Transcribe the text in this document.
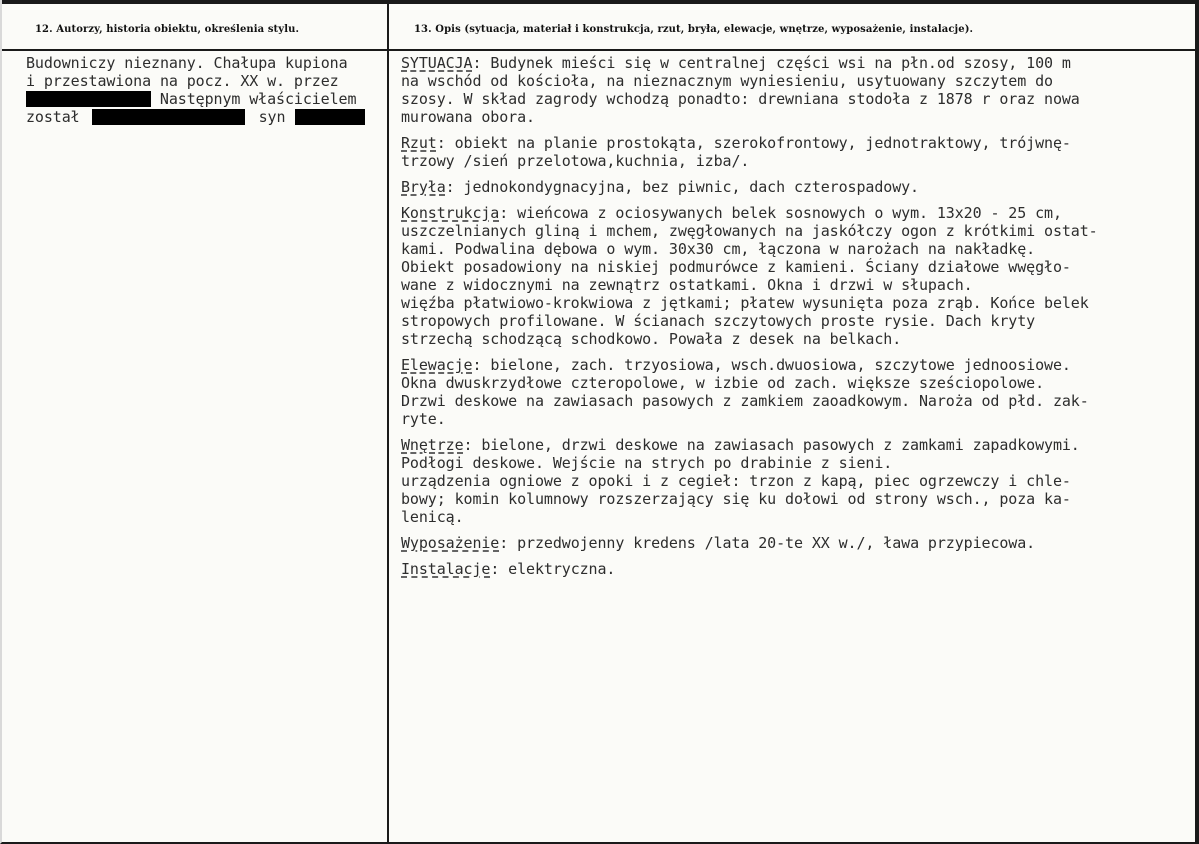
12. Autorzy, historia obiektu, określenia stylu.	13. Opis (sytuacja, materiał i konstrukcja, rzut, bryła, elewacje, wnętrze, wyposażenie, instalacje).
Budowniczy nieznany. Chałupa kupiona
i przestawiona na pocz. XX w. przez
Następnym właścicielem
został	syn
SYTUACJA: Budynek mieści się w centralnej części wsi na płn.od szosy, 100 m
na wschód od kościoła, na nieznacznym wyniesieniu, usytuowany szczytem do
szosy. W skład zagrody wchodzą ponadto: drewniana stodoła z 1878 r oraz nowa
murowana obora.
Rzut: obiekt na planie prostokąta, szerokofrontowy, jednotraktowy, trójwnę-
trzowy /sień przelotowa,kuchnia, izba/.
Bryła: jednokondygnacyjna, bez piwnic, dach czterospadowy.
Konstrukcja: wieńcowa z ociosywanych belek sosnowych o wym. 13x20 - 25 cm,
uszczelnianych gliną i mchem, zwęgłowanych na jaskółczy ogon z krótkimi ostat-
kami. Podwalina dębowa o wym. 30x30 cm, łączona w narożach na nakładkę.
Obiekt posadowiony na niskiej podmurówce z kamieni. Ściany działowe wwęgło-
wane z widocznymi na zewnątrz ostatkami. Okna i drzwi w słupach.
więźba płatwiowo-krokwiowa z jętkami; płatew wysunięta poza zrąb. Końce belek
stropowych profilowane. W ścianach szczytowych proste rysie. Dach kryty
strzechą schodzącą schodkowo. Powała z desek na belkach.
Elewacje: bielone, zach. trzyosiowa, wsch.dwuosiowa, szczytowe jednoosiowe.
Okna dwuskrzydłowe czteropolowe, w izbie od zach. większe sześciopolowe.
Drzwi deskowe na zawiasach pasowych z zamkiem zaoadkowym. Naroża od płd. zak-
ryte.
Wnętrze: bielone, drzwi deskowe na zawiasach pasowych z zamkami zapadkowymi.
Podłogi deskowe. Wejście na strych po drabinie z sieni.
urządzenia ogniowe z opoki i z cegieł: trzon z kapą, piec ogrzewczy i chle-
bowy; komin kolumnowy rozszerzający się ku dołowi od strony wsch., poza ka-
lenicą.
Wyposażenie: przedwojenny kredens /lata 20-te XX w./, ława przypiecowa.
Instalacje: elektryczna.
